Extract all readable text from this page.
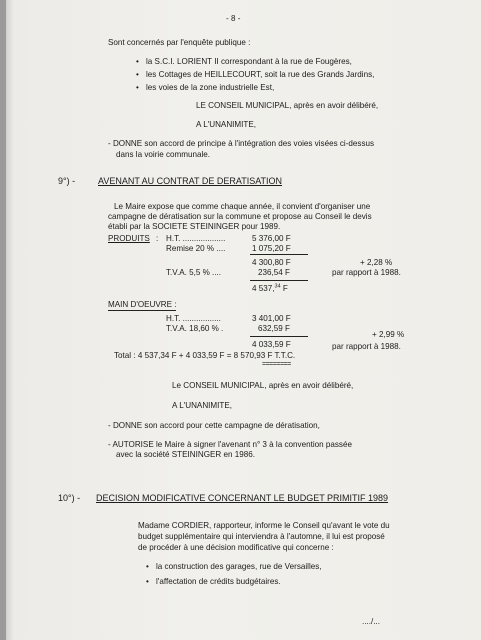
- 8 -
Sont concernés par l'enquête publique :
• la S.C.I. LORIENT II correspondant à la rue de Fougères,
• les Cottages de HEILLECOURT, soit la rue des Grands Jardins,
• les voies de la zone industrielle Est,
LE CONSEIL MUNICIPAL, après en avoir délibéré,
A L'UNANIMITE,
- DONNE son accord de principe à l'intégration des voies visées ci-dessus
dans la voirie communale.
9°) -	AVENANT AU CONTRAT DE DERATISATION
Le Maire expose que comme chaque année, il convient d'organiser une
campagne de dératisation sur la commune et propose au Conseil le devis
établi par la SOCIETE STEININGER pour 1989.
PRODUITS : H.T. ...................	5 376,00 F
Remise 20 % ....	1 075,20 F
4 300,80 F	+ 2,28 %
T.V.A. 5,5 % ....	236,54 F	par rapport à 1988.
4 537,34 F
MAIN D'OEUVRE :
H.T. .................	3 401,00 F
T.V.A. 18,60 % .	632,59 F
+ 2,99 %
4 033,59 F	par rapport à 1988.
Total : 4 537,34 F + 4 033,59 F = 8 570,93 F T.T.C.
========
Le CONSEIL MUNICIPAL, après en avoir délibéré,
A L'UNANIMITE,
- DONNE son accord pour cette campagne de dératisation,
- AUTORISE le Maire à signer l'avenant n° 3 à la convention passée
avec la société STEININGER en 1986.
10°) - DECISION MODIFICATIVE CONCERNANT LE BUDGET PRIMITIF 1989
Madame CORDIER, rapporteur, informe le Conseil qu'avant le vote du
budget supplémentaire qui interviendra à l'automne, il lui est proposé
de procéder à une décision modificative qui concerne :
• la construction des garages, rue de Versailles,
• l'affectation de crédits budgétaires.
..../...
